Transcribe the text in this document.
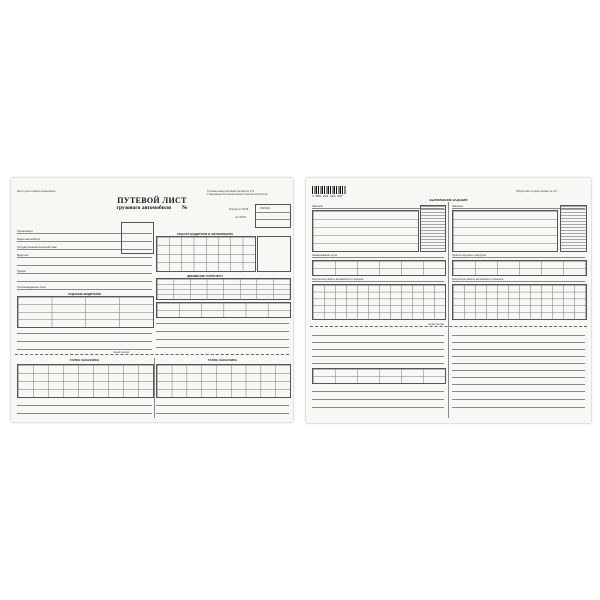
Место для штампа организации	Типовая межотраслевая форма № 4-П
Утверждена Постановлением Госкомстата России
ПУТЕВОЙ ЛИСТ
грузового автомобиля №	Форма по ОКУД	0345004
по ОКПО
Организация
Марка автомобиля
Государственный номерной знак
Водитель
Прицеп
Сопровождающие лица
РАБОТА ВОДИТЕЛЯ И АВТОМОБИЛЯ
ДВИЖЕНИЕ ГОРЮЧЕГО
ЗАДАНИЕ ВОДИТЕЛЮ
линия отреза
ТАЛОН ЗАКАЗЧИКА	ТАЛОН ЗАКАЗЧИКА
4 606 224 110 807
Оборотная сторона формы № 4-П
ВЫПОЛНЕНИЕ ЗАДАНИЯ
Заказчик
Наименование груза
Результаты работы автомобиля и прицепа
Заказчик
Пункты погрузки и разгрузки
Результаты работы автомобиля и прицепа
линия отреза
